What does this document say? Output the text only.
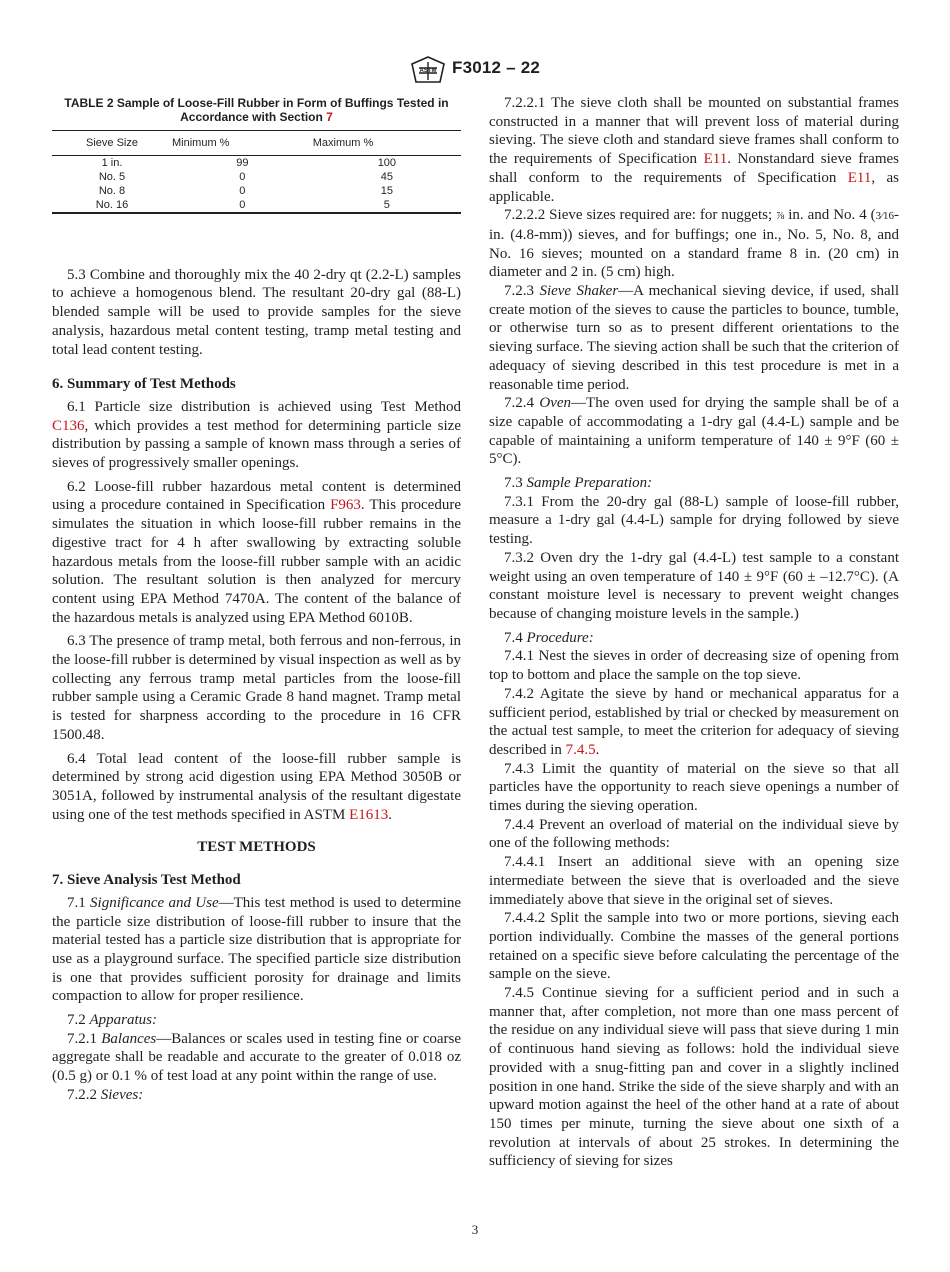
ASTM F3012 – 22
TABLE 2 Sample of Loose-Fill Rubber in Form of Buffings Tested in Accordance with Section 7
Sieve Size	Minimum %	Maximum %
1 in.	99	100
No. 5	0	45
No. 8	0	15
No. 16	0	5

5.3 Combine and thoroughly mix the 40 2-dry qt (2.2-L) samples to achieve a homogenous blend. The resultant 20-dry gal (88-L) blended sample will be used to provide samples for the sieve analysis, hazardous metal content testing, tramp metal testing and total lead content testing.

6. Summary of Test Methods

6.1 Particle size distribution is achieved using Test Method C136, which provides a test method for determining particle size distribution by passing a sample of known mass through a series of sieves of progressively smaller openings.

6.2 Loose-fill rubber hazardous metal content is determined using a procedure contained in Specification F963. This procedure simulates the situation in which loose-fill rubber remains in the digestive tract for 4 h after swallowing by extracting soluble hazardous metals from the loose-fill rubber sample with an acidic solution. The resultant solution is then analyzed for mercury content using EPA Method 7470A. The content of the balance of the hazardous metals is analyzed using EPA Method 6010B.

6.3 The presence of tramp metal, both ferrous and non-ferrous, in the loose-fill rubber is determined by visual inspection as well as by collecting any ferrous tramp metal particles from the loose-fill rubber sample using a Ceramic Grade 8 hand magnet. Tramp metal is tested for sharpness according to the procedure in 16 CFR 1500.48.

6.4 Total lead content of the loose-fill rubber sample is determined by strong acid digestion using EPA Method 3050B or 3051A, followed by instrumental analysis of the resultant digestate using one of the test methods specified in ASTM E1613.

TEST METHODS

7. Sieve Analysis Test Method

7.1 Significance and Use—This test method is used to determine the particle size distribution of loose-fill rubber to insure that the material tested has a particle size distribution that is appropriate for use as a playground surface. The specified particle size distribution is one that provides sufficient porosity for drainage and limits compaction to allow for proper resilience.

7.2 Apparatus:

7.2.1 Balances—Balances or scales used in testing fine or coarse aggregate shall be readable and accurate to the greater of 0.018 oz (0.5 g) or 0.1 % of test load at any point within the range of use.

7.2.2 Sieves:

7.2.2.1 The sieve cloth shall be mounted on substantial frames constructed in a manner that will prevent loss of material during sieving. The sieve cloth and standard sieve frames shall conform to the requirements of Specification E11. Nonstandard sieve frames shall conform to the requirements of Specification E11, as applicable.

7.2.2.2 Sieve sizes required are: for nuggets; ⅞ in. and No. 4 (3⁄16-in. (4.8-mm)) sieves, and for buffings; one in., No. 5, No. 8, and No. 16 sieves; mounted on a standard frame 8 in. (20 cm) in diameter and 2 in. (5 cm) high.

7.2.3 Sieve Shaker—A mechanical sieving device, if used, shall create motion of the sieves to cause the particles to bounce, tumble, or otherwise turn so as to present different orientations to the sieving surface. The sieving action shall be such that the criterion of adequacy of sieving described in this test procedure is met in a reasonable time period.

7.2.4 Oven—The oven used for drying the sample shall be of a size capable of accommodating a 1-dry gal (4.4-L) sample and be capable of maintaining a uniform temperature of 140 ± 9°F (60 ± 5°C).

7.3 Sample Preparation:

7.3.1 From the 20-dry gal (88-L) sample of loose-fill rubber, measure a 1-dry gal (4.4-L) sample for drying followed by sieve testing.

7.3.2 Oven dry the 1-dry gal (4.4-L) test sample to a constant weight using an oven temperature of 140 ± 9°F (60 ± –12.7°C). (A constant moisture level is necessary to prevent weight changes because of changing moisture levels in the sample.)

7.4 Procedure:

7.4.1 Nest the sieves in order of decreasing size of opening from top to bottom and place the sample on the top sieve.

7.4.2 Agitate the sieve by hand or mechanical apparatus for a sufficient period, established by trial or checked by measurement on the actual test sample, to meet the criterion for adequacy of sieving described in 7.4.5.

7.4.3 Limit the quantity of material on the sieve so that all particles have the opportunity to reach sieve openings a number of times during the sieving operation.

7.4.4 Prevent an overload of material on the individual sieve by one of the following methods:

7.4.4.1 Insert an additional sieve with an opening size intermediate between the sieve that is overloaded and the sieve immediately above that sieve in the original set of sieves.

7.4.4.2 Split the sample into two or more portions, sieving each portion individually. Combine the masses of the general portions retained on a specific sieve before calculating the percentage of the sample on the sieve.

7.4.5 Continue sieving for a sufficient period and in such a manner that, after completion, not more than one mass percent of the residue on any individual sieve will pass that sieve during 1 min of continuous hand sieving as follows: hold the individual sieve provided with a snug-fitting pan and cover in a slightly inclined position in one hand. Strike the side of the sieve sharply and with an upward motion against the heel of the other hand at a rate of about 150 times per minute, turning the sieve about one sixth of a revolution at intervals of about 25 strokes. In determining the sufficiency of sieving for sizes

3
